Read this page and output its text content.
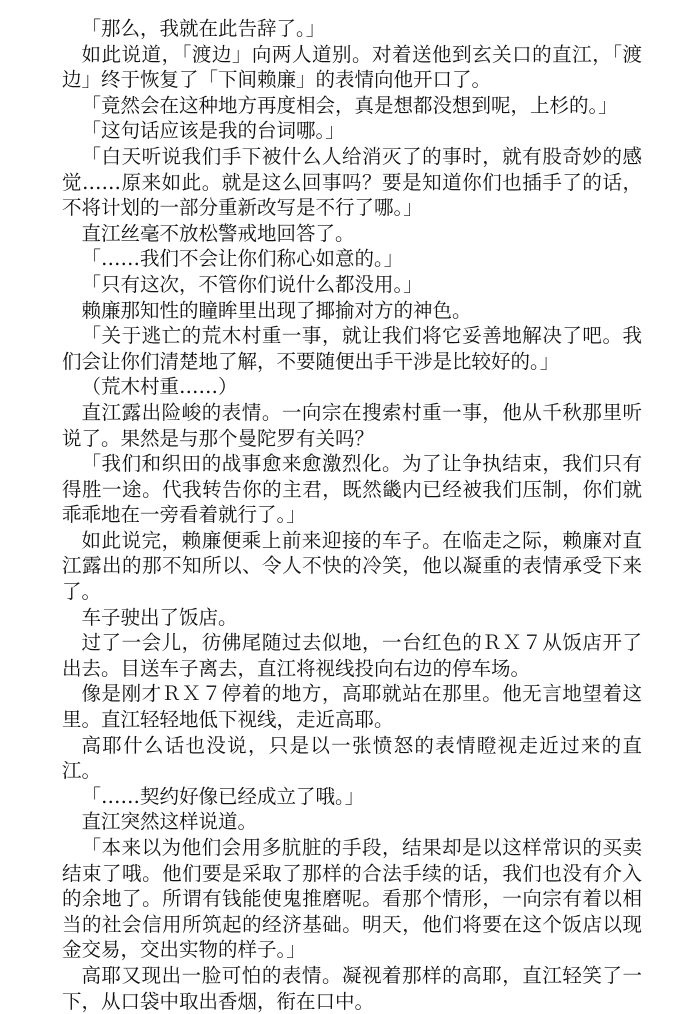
「那么，我就在此告辞了。」

如此说道，「渡边」向两人道别。对着送他到玄关口的直江，「渡边」终于恢复了「下间赖廉」的表情向他开口了。

「竟然会在这种地方再度相会，真是想都没想到呢，上杉的。」

「这句话应该是我的台词哪。」

「白天听说我们手下被什么人给消灭了的事时，就有股奇妙的感觉……原来如此。就是这么回事吗？要是知道你们也插手了的话，不将计划的一部分重新改写是不行了哪。」

直江丝毫不放松警戒地回答了。

「……我们不会让你们称心如意的。」

「只有这次，不管你们说什么都没用。」

赖廉那知性的瞳眸里出现了揶揄对方的神色。

「关于逃亡的荒木村重一事，就让我们将它妥善地解决了吧。我们会让你们清楚地了解，不要随便出手干涉是比较好的。」

（荒木村重……）

直江露出险峻的表情。一向宗在搜索村重一事，他从千秋那里听说了。果然是与那个曼陀罗有关吗？

「我们和织田的战事愈来愈激烈化。为了让争执结束，我们只有得胜一途。代我转告你的主君，既然畿内已经被我们压制，你们就乖乖地在一旁看着就行了。」

如此说完，赖廉便乘上前来迎接的车子。在临走之际，赖廉对直江露出的那不知所以、令人不快的冷笑，他以凝重的表情承受下来了。

车子驶出了饭店。

过了一会儿，彷佛尾随过去似地，一台红色的ＲＸ７从饭店开了出去。目送车子离去，直江将视线投向右边的停车场。

像是刚才ＲＸ７停着的地方，高耶就站在那里。他无言地望着这里。直江轻轻地低下视线，走近高耶。

高耶什么话也没说，只是以一张愤怒的表情瞪视走近过来的直江。

「……契约好像已经成立了哦。」

直江突然这样说道。

「本来以为他们会用多肮脏的手段，结果却是以这样常识的买卖结束了哦。他们要是采取了那样的合法手续的话，我们也没有介入的余地了。所谓有钱能使鬼推磨呢。看那个情形，一向宗有着以相当的社会信用所筑起的经济基础。明天，他们将要在这个饭店以现金交易，交出实物的样子。」

高耶又现出一脸可怕的表情。凝视着那样的高耶，直江轻笑了一下，从口袋中取出香烟，衔在口中。
